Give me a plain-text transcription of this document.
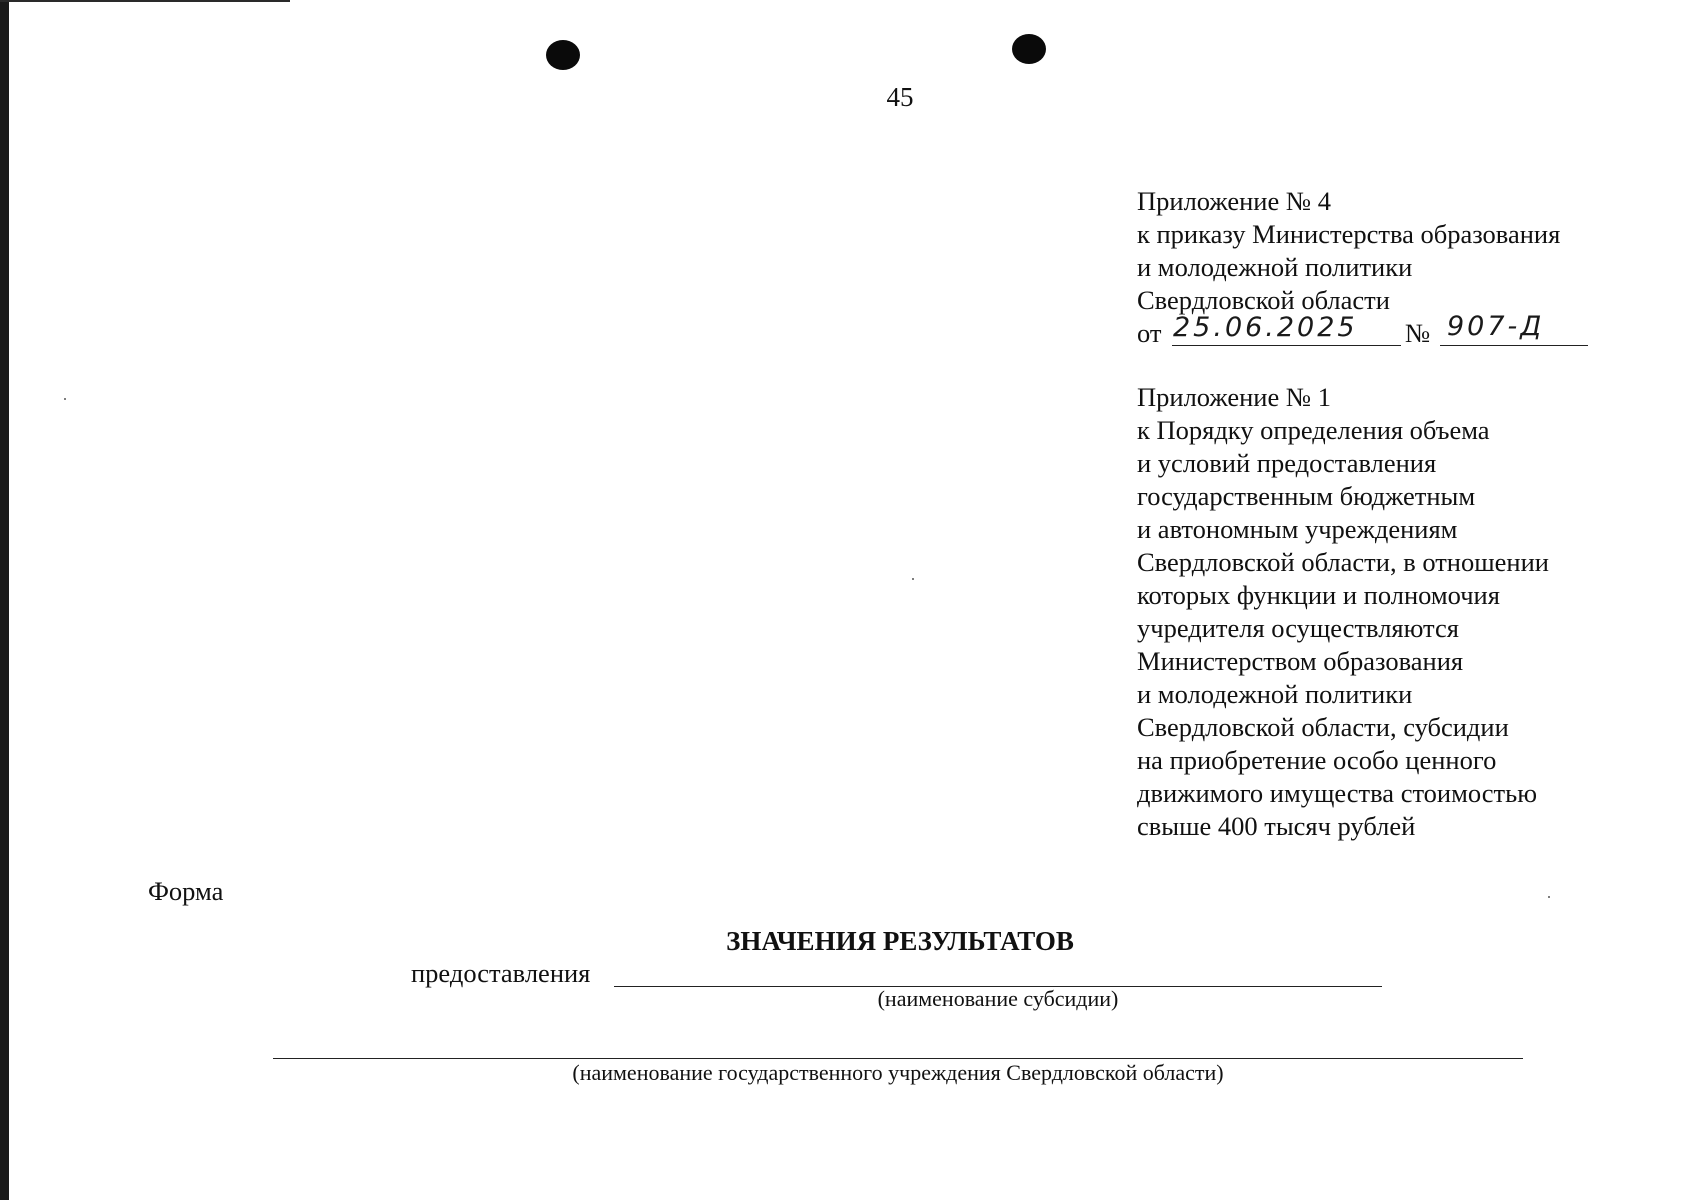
45
Приложение № 4
к приказу Министерства образования
и молодежной политики
Свердловской области
от 25.06.2025 № 907-Д
Приложение № 1
к Порядку определения объема
и условий предоставления
государственным бюджетным
и автономным учреждениям
Свердловской области, в отношении
которых функции и полномочия
учредителя осуществляются
Министерством образования
и молодежной политики
Свердловской области, субсидии
на приобретение особо ценного
движимого имущества стоимостью
свыше 400 тысяч рублей
Форма
ЗНАЧЕНИЯ РЕЗУЛЬТАТОВ
предоставления
(наименование субсидии)
(наименование государственного учреждения Свердловской области)
